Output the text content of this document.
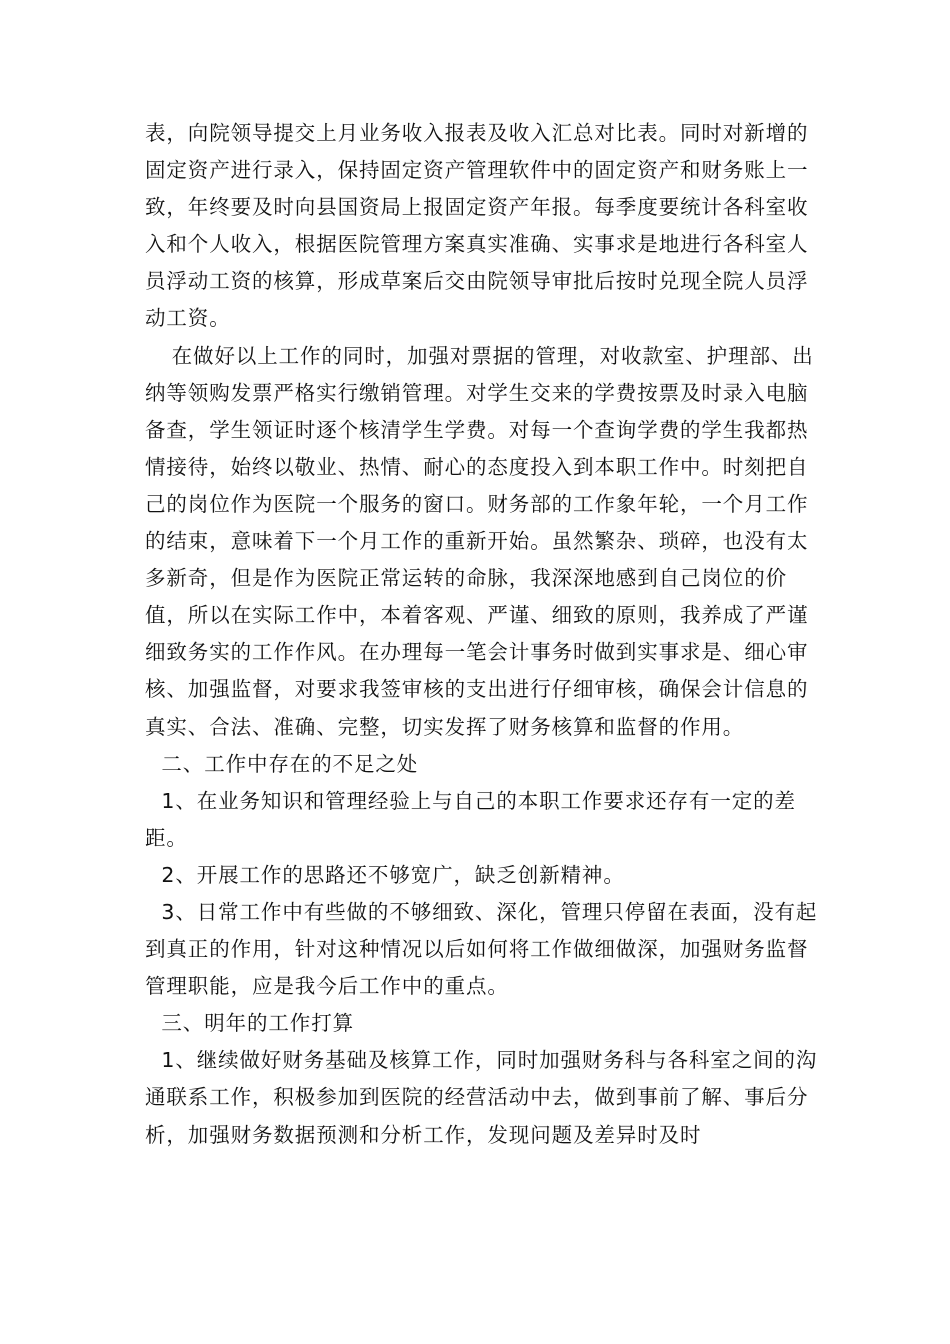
表，向院领导提交上月业务收入报表及收入汇总对比表。同时对新增的固定资产进行录入，保持固定资产管理软件中的固定资产和财务账上一致，年终要及时向县国资局上报固定资产年报。每季度要统计各科室收入和个人收入，根据医院管理方案真实准确、实事求是地进行各科室人员浮动工资的核算，形成草案后交由院领导审批后按时兑现全院人员浮动工资。

在做好以上工作的同时，加强对票据的管理，对收款室、护理部、出纳等领购发票严格实行缴销管理。对学生交来的学费按票及时录入电脑备查，学生领证时逐个核清学生学费。对每一个查询学费的学生我都热情接待，始终以敬业、热情、耐心的态度投入到本职工作中。时刻把自己的岗位作为医院一个服务的窗口。财务部的工作象年轮，一个月工作的结束，意味着下一个月工作的重新开始。虽然繁杂、琐碎，也没有太多新奇，但是作为医院正常运转的命脉，我深深地感到自己岗位的价值，所以在实际工作中，本着客观、严谨、细致的原则，我养成了严谨细致务实的工作作风。在办理每一笔会计事务时做到实事求是、细心审核、加强监督，对要求我签审核的支出进行仔细审核，确保会计信息的真实、合法、准确、完整，切实发挥了财务核算和监督的作用。

二、工作中存在的不足之处

1、在业务知识和管理经验上与自己的本职工作要求还存有一定的差距。

2、开展工作的思路还不够宽广，缺乏创新精神。

3、日常工作中有些做的不够细致、深化，管理只停留在表面，没有起到真正的作用，针对这种情况以后如何将工作做细做深，加强财务监督管理职能，应是我今后工作中的重点。

三、明年的工作打算

1、继续做好财务基础及核算工作，同时加强财务科与各科室之间的沟通联系工作，积极参加到医院的经营活动中去，做到事前了解、事后分析，加强财务数据预测和分析工作，发现问题及差异时及时
